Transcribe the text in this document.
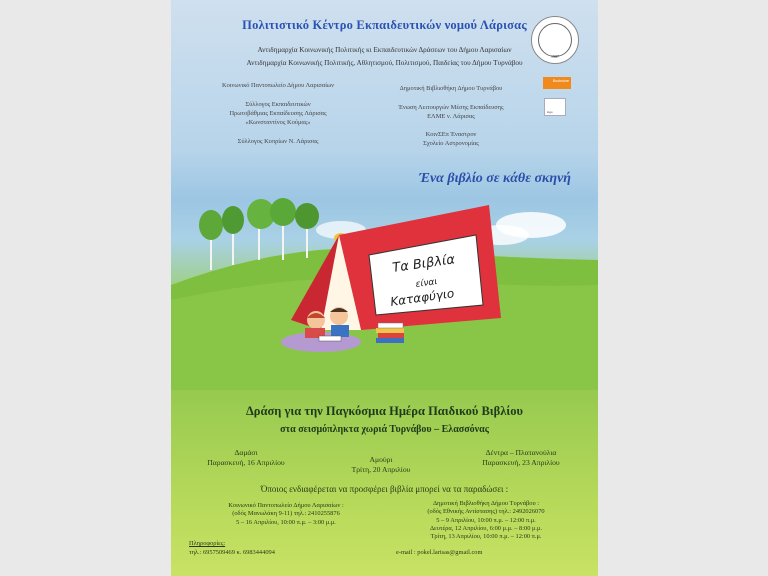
Πολιτιστικό Κέντρο Εκπαιδευτικών νομού Λάρισας
Αντιδημαρχία Κοινωνικής Πολιτικής κι Εκπαιδευτικών Δράσεων του Δήμου Λαρισαίων
Αντιδημαρχία Κοινωνικής Πολιτικής, Αθλητισμού, Πολιτισμού, Παιδείας του Δήμου Τυρνάβου
1987
Κοινωνικό Παντοπωλείο Δήμου Λαρισαίων
Σύλλογος Εκπαιδευτικών
Πρωτοβάθμιας Εκπαίδευσης Λάρισας
«Κωνσταντίνος Κούμας»
Σύλλογος Κυπρίων Ν. Λάρισας
Δημοτική Βιβλιοθήκη Δήμου Τυρνάβου
Ένωση Λειτουργών Μέσης Εκπαίδευσης
ΕΛΜΕ ν. Λάρισας
ΚοινΣΕπ Έναστρον
Σχολείο Αστρονομίας
Bookstore
logo
Ένα βιβλίο σε κάθε σκηνή
Τα Βιβλία
είναι
Καταφύγιο
Δράση για την Παγκόσμια Ημέρα Παιδικού Βιβλίου
στα σεισμόπληκτα χωριά Τυρνάβου – Ελασσόνας
Δαμάσι
Παρασκευή, 16 Απριλίου	Αμούρι
Τρίτη, 20 Απριλίου
Δέντρα – Πλατανούλια
Παρασκευή, 23 Απριλίου
Όποιος ενδιαφέρεται να προσφέρει βιβλία μπορεί να τα παραδώσει :
Κοινωνικό Παντοπωλείο Δήμου Λαρισαίων :
(οδός Μανωλάκη 9-11) τηλ.: 2410255876
5 – 16 Απριλίου, 10:00 π.μ. – 3:00 μ.μ.
Δημοτική Βιβλιοθήκη Δήμου Τυρνάβου :
(οδός Εθνικής Αντίστασης) τηλ.: 2492026070
5 – 9 Απριλίου, 10:00 π.μ. – 12:00 π.μ.
Δευτέρα, 12 Απριλίου, 6:00 μ.μ. – 8:00 μ.μ.
Τρίτη, 13 Απριλίου, 10:00 π.μ. – 12:00 π.μ.
Πληροφορίες:
τηλ.: 6957509469 κ. 6983444094	e-mail : pokel.larisas@gmail.com
